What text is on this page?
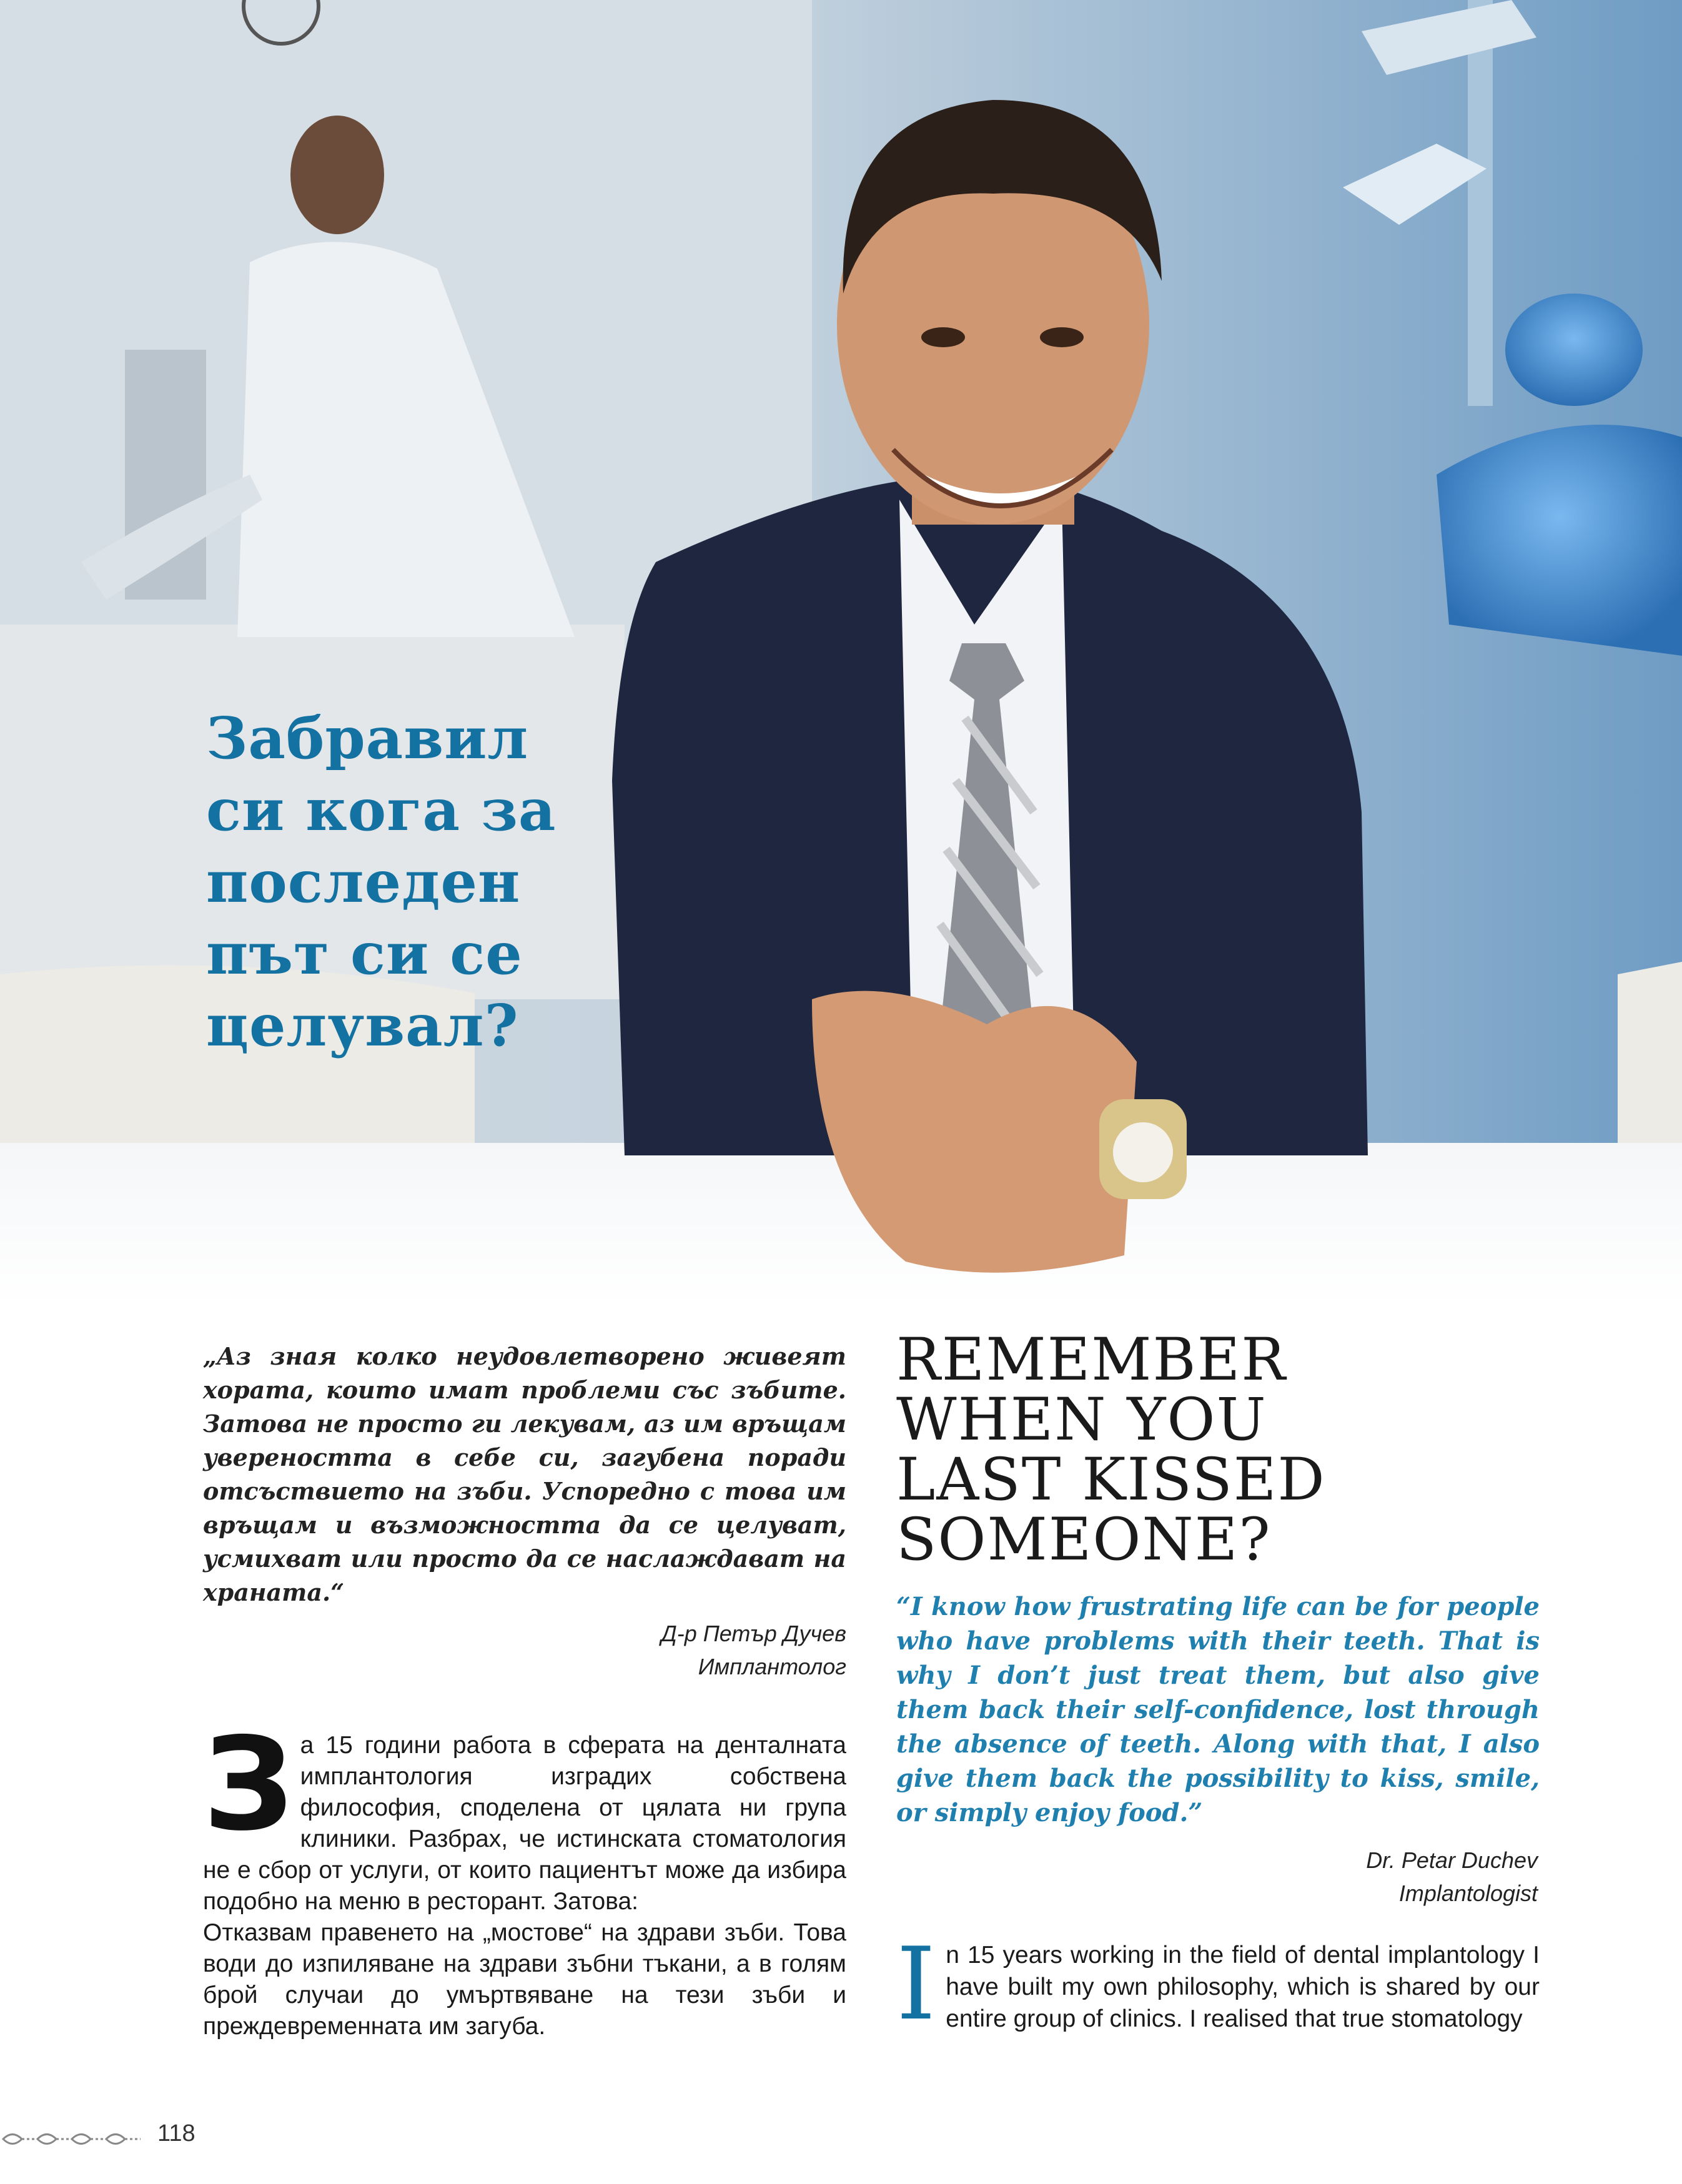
Забравил
си кога за
последен
път си се
целувал?
„Аз зная колко неудовлетворено живеят хората, които имат проблеми със зъбите. Затова не просто ги лекувам, аз им връщам увереността в себе си, загубена поради отсъствието на зъби. Успоредно с това им връщам и възможността да се целуват, усмихват или просто да се наслаждават на храната.“
Д-р Петър Дучев
Имплантолог
З а 15 години работа в сферата на денталната имплантология изградих собствена философия, споделена от цялата ни група клиники. Разбрах, че истинската стоматология не е сбор от услуги, от които пациентът може да избира подобно на меню в ресторант. Затова:

Отказвам правенето на „мостове“ на здрави зъби. Това води до изпиляване на здрави зъбни тъкани, а в голям брой случаи до умъртвяване на тези зъби и преждевременната им загуба.

REMEMBER
WHEN YOU
LAST KISSED
SOMEONE?
“I know how frustrating life can be for people who have problems with their teeth. That is why I don’t just treat them, but also give them back their self-confidence, lost through the absence of teeth. Along with that, I also give them back the possibility to kiss, smile, or simply enjoy food.”
Dr. Petar Duchev
Implantologist
I n 15 years working in the field of dental implantology I have built my own philosophy, which is shared by our entire group of clinics. I realised that true stomatology
118
